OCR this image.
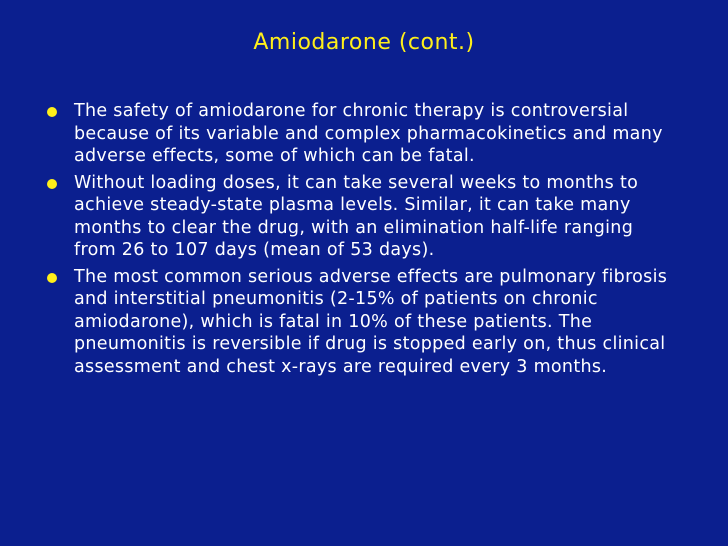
Amiodarone (cont.)
The safety of amiodarone for chronic therapy is controversial because of its variable and complex pharmacokinetics and many adverse effects, some of which can be fatal.
Without loading doses, it can take several weeks to months to achieve steady-state plasma levels. Similar, it can take many months to clear the drug, with an elimination half-life ranging from 26 to 107 days (mean of 53 days).
The most common serious adverse effects are pulmonary fibrosis and interstitial pneumonitis (2-15% of patients on chronic amiodarone), which is fatal in 10% of these patients. The pneumonitis is reversible if drug is stopped early on, thus clinical assessment and chest x-rays are required every 3 months.
